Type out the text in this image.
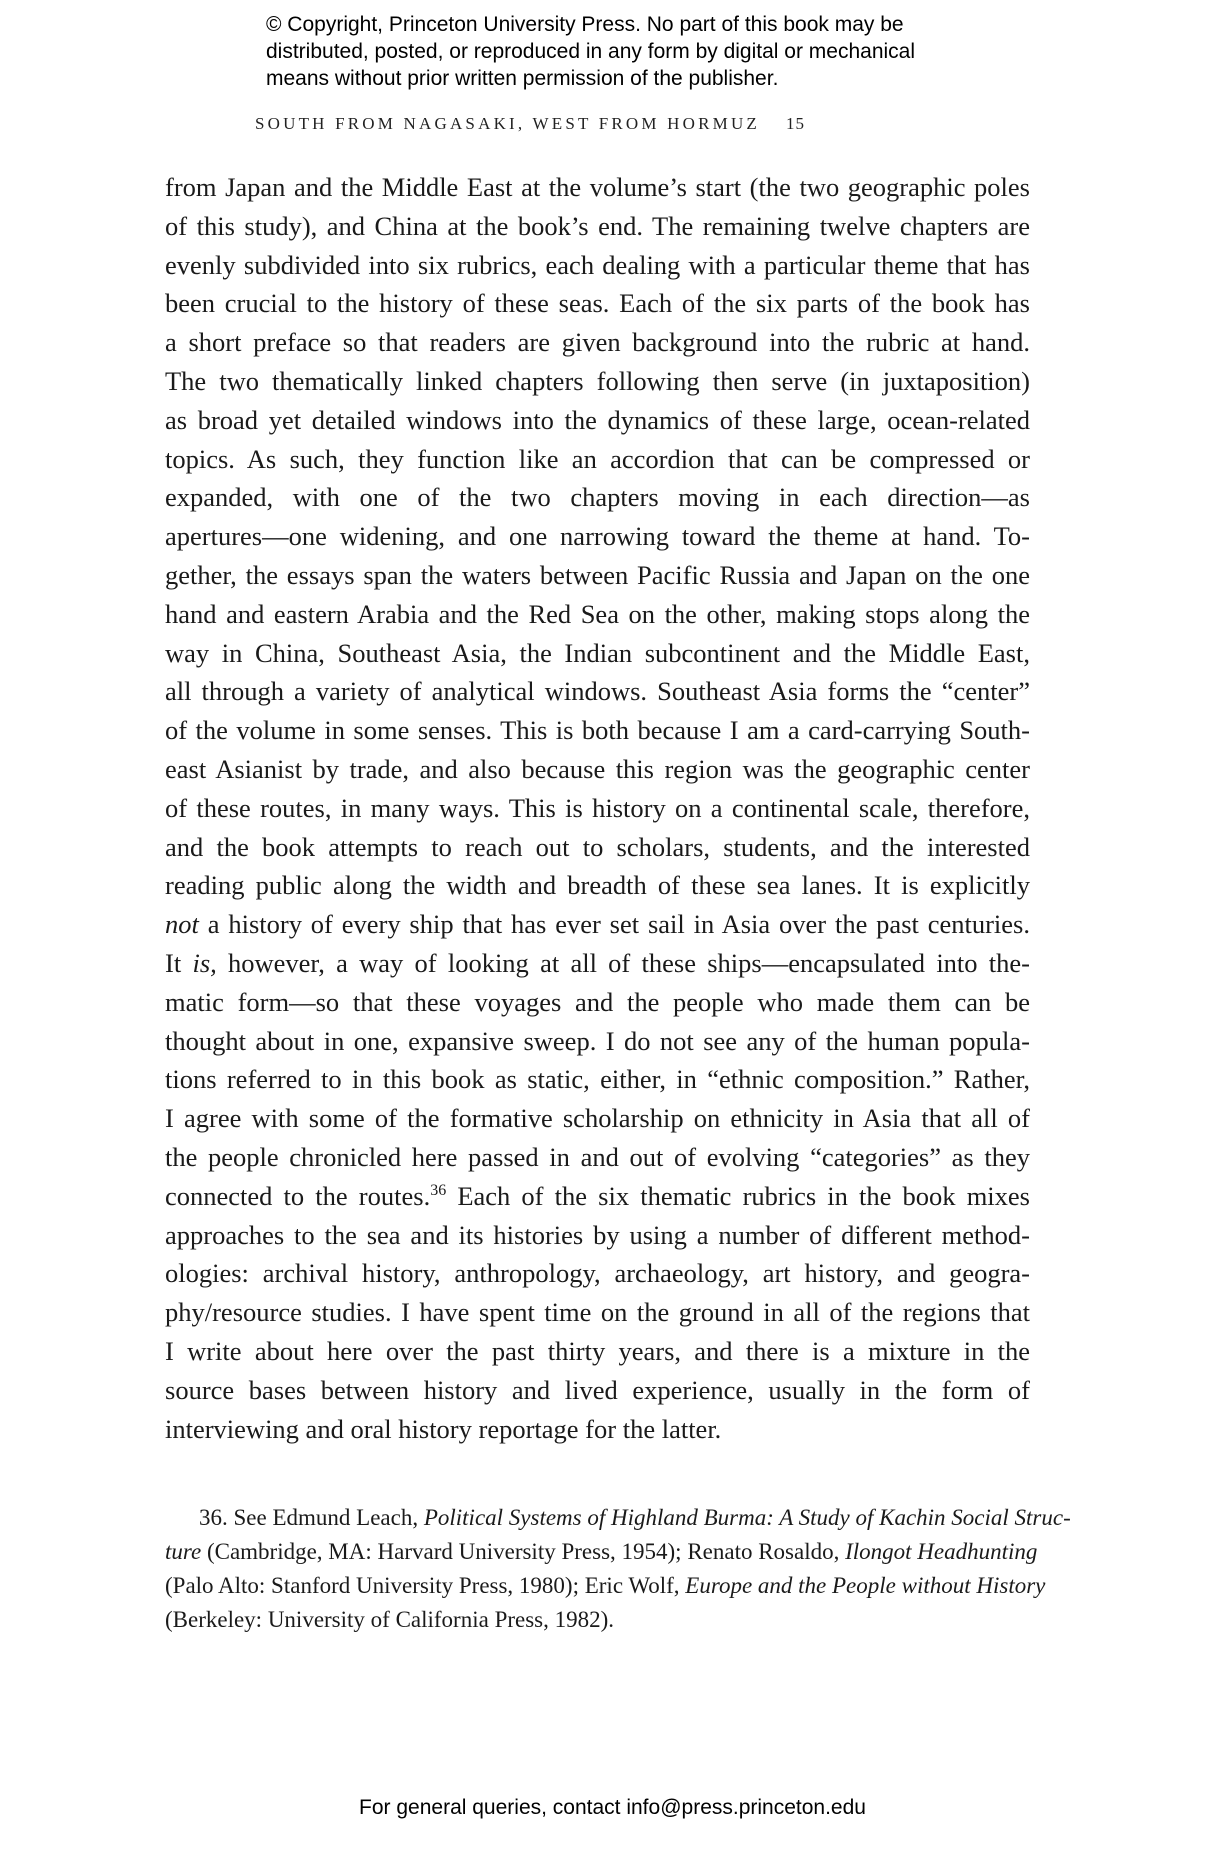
© Copyright, Princeton University Press. No part of this book may be
distributed, posted, or reproduced in any form by digital or mechanical
means without prior written permission of the publisher.
SOUTH FROM NAGASAKI, WEST FROM HORMUZ 15
from Japan and the Middle East at the volume’s start (the two geographic poles
of this study), and China at the book’s end. The remaining twelve chapters are
evenly subdivided into six rubrics, each dealing with a particular theme that has
been crucial to the history of these seas. Each of the six parts of the book has
a short preface so that readers are given background into the rubric at hand.
The two thematically linked chapters following then serve (in juxtaposition)
as broad yet detailed windows into the dynamics of these large, ocean-related
topics. As such, they function like an accordion that can be compressed or
expanded, with one of the two chapters moving in each direction—as
apertures—one widening, and one narrowing toward the theme at hand. To-
gether, the essays span the waters between Pacific Russia and Japan on the one
hand and eastern Arabia and the Red Sea on the other, making stops along the
way in China, Southeast Asia, the Indian subcontinent and the Middle East,
all through a variety of analytical windows. Southeast Asia forms the “center”
of the volume in some senses. This is both because I am a card-carrying South-
east Asianist by trade, and also because this region was the geographic center
of these routes, in many ways. This is history on a continental scale, therefore,
and the book attempts to reach out to scholars, students, and the interested
reading public along the width and breadth of these sea lanes. It is explicitly
not a history of every ship that has ever set sail in Asia over the past centuries.
It is, however, a way of looking at all of these ships—encapsulated into the-
matic form—so that these voyages and the people who made them can be
thought about in one, expansive sweep. I do not see any of the human popula-
tions referred to in this book as static, either, in “ethnic composition.” Rather,
I agree with some of the formative scholarship on ethnicity in Asia that all of
the people chronicled here passed in and out of evolving “categories” as they
connected to the routes.$^{36}$ Each of the six thematic rubrics in the book mixes
approaches to the sea and its histories by using a number of different method-
ologies: archival history, anthropology, archaeology, art history, and geogra-
phy/resource studies. I have spent time on the ground in all of the regions that
I write about here over the past thirty years, and there is a mixture in the
source bases between history and lived experience, usually in the form of
interviewing and oral history reportage for the latter.
36. See Edmund Leach, Political Systems of Highland Burma: A Study of Kachin Social Struc-
ture (Cambridge, MA: Harvard University Press, 1954); Renato Rosaldo, Ilongot Headhunting
(Palo Alto: Stanford University Press, 1980); Eric Wolf, Europe and the People without History
(Berkeley: University of California Press, 1982).
For general queries, contact info@press.princeton.edu
